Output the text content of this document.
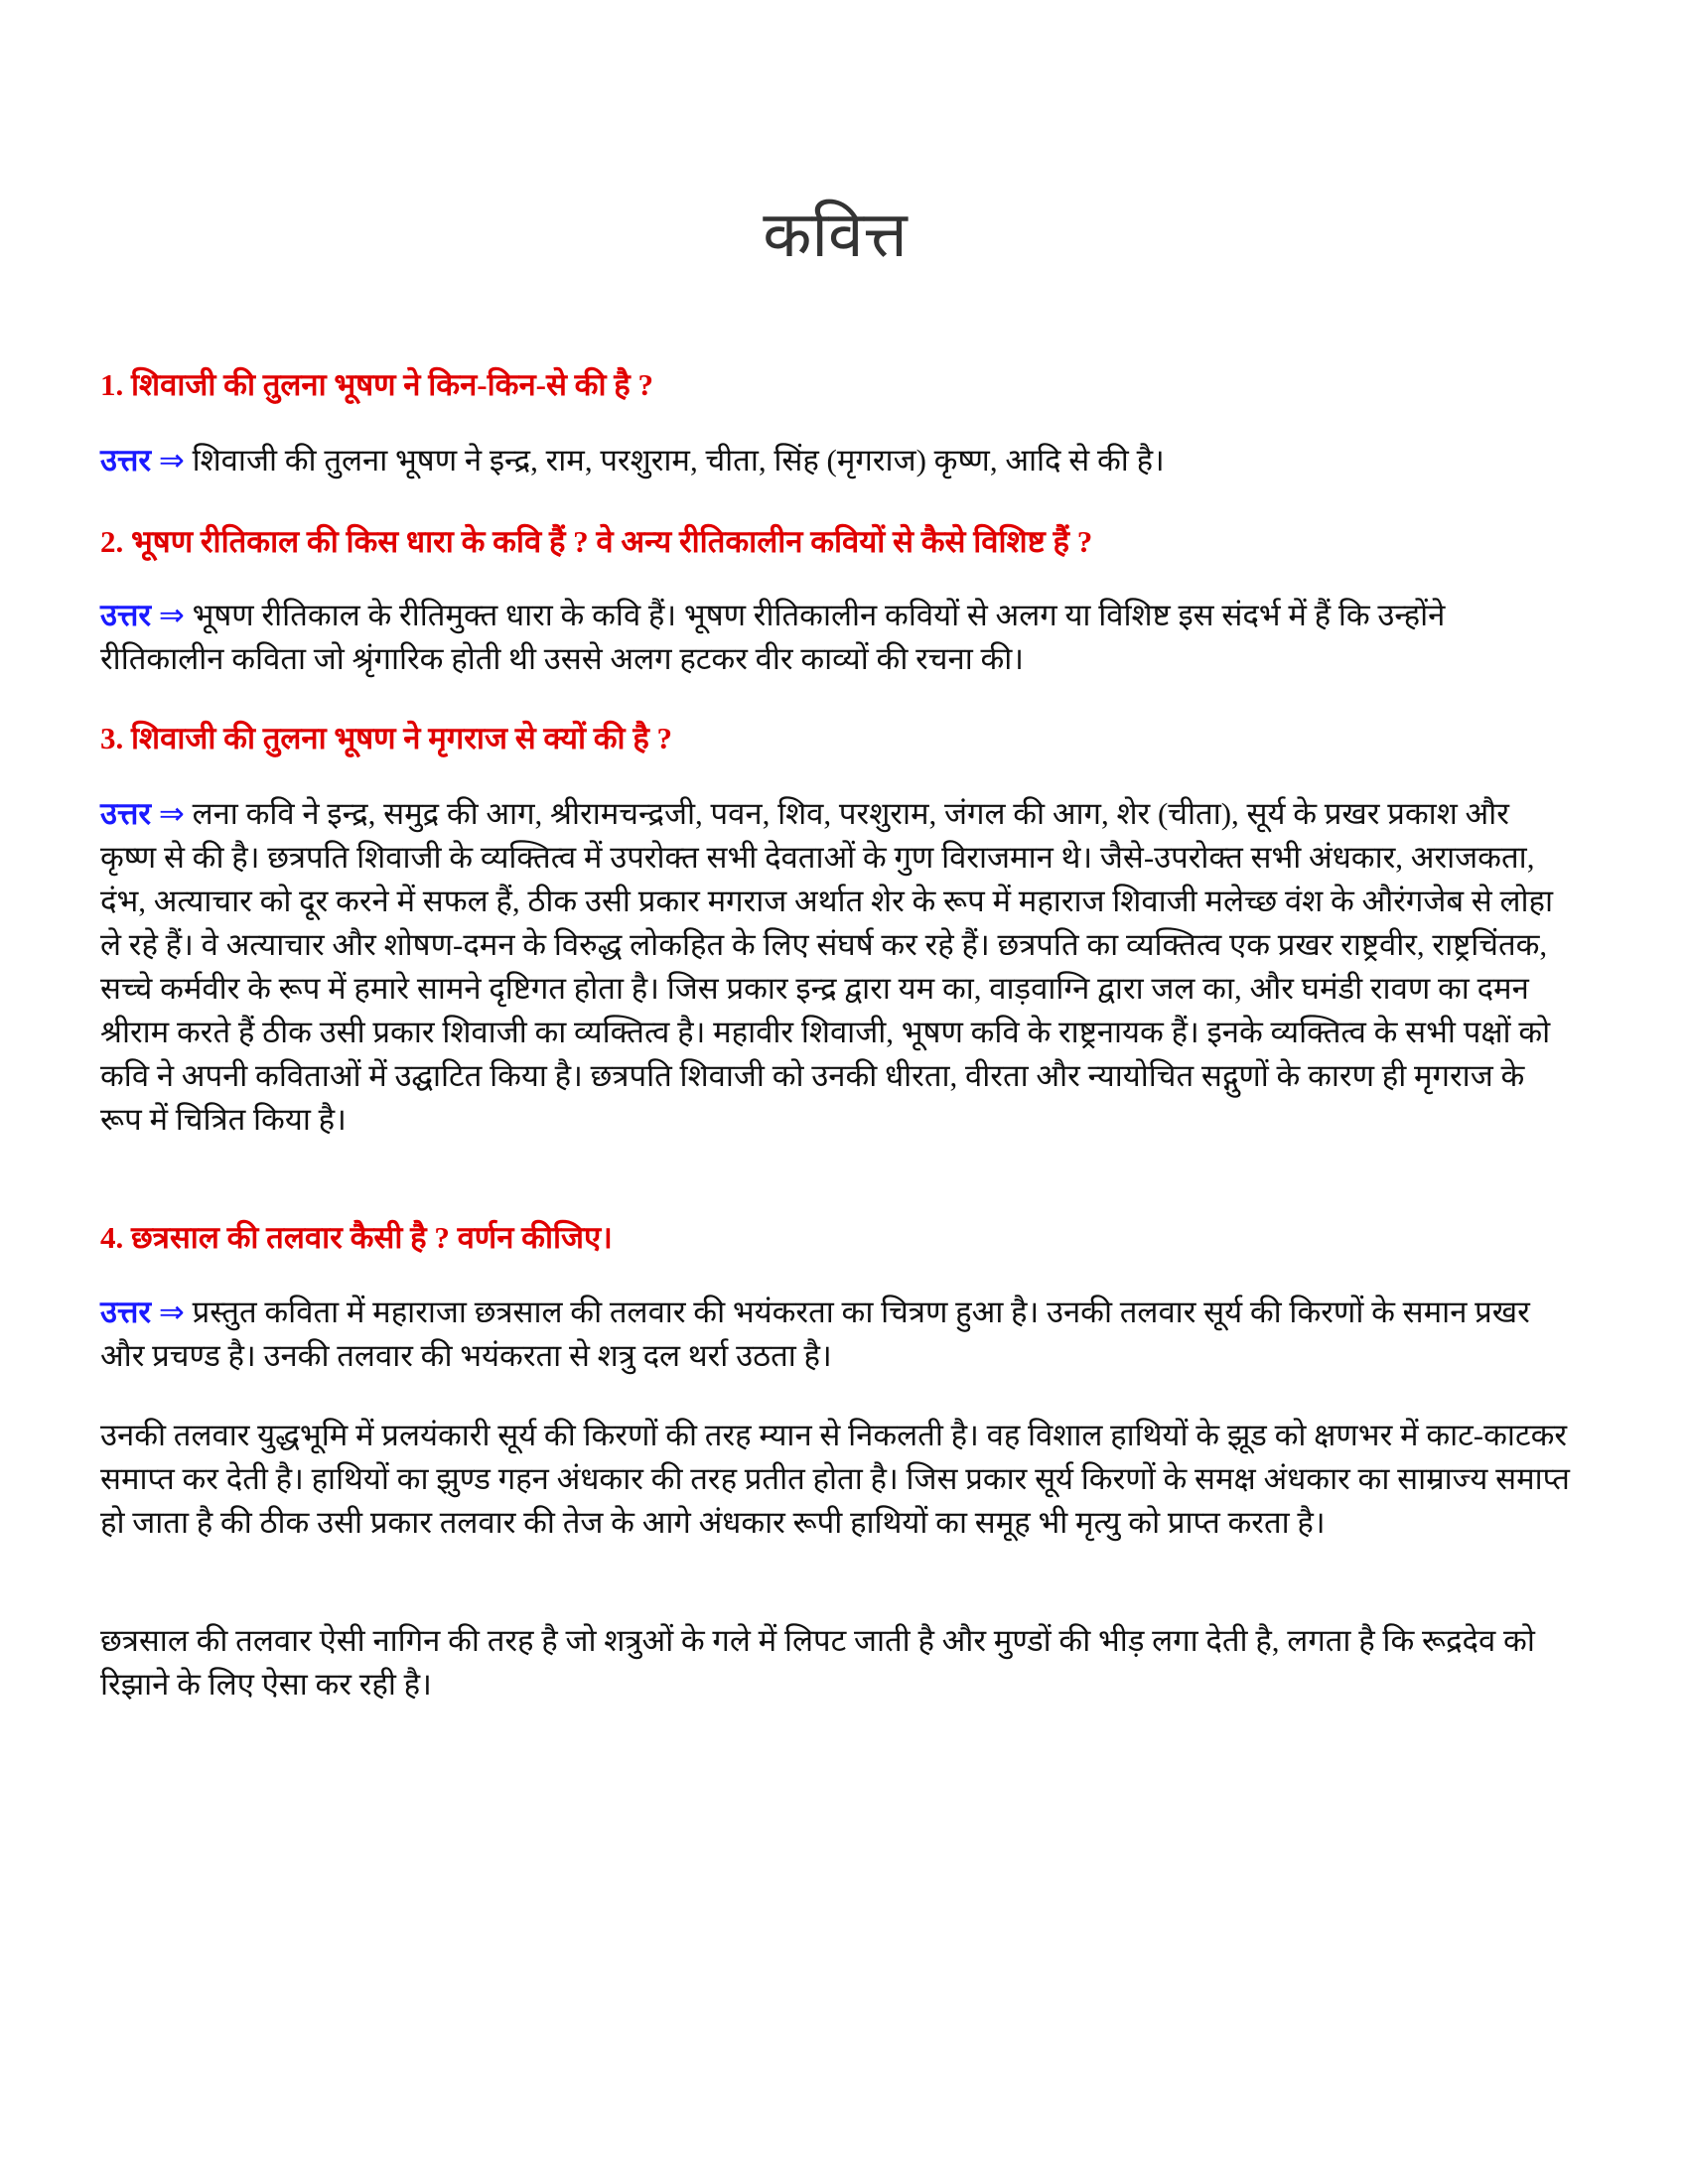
कवित्त
1. शिवाजी की तुलना भूषण ने किन-किन-से की है ?
उत्तर ⇒ शिवाजी की तुलना भूषण ने इन्द्र, राम, परशुराम, चीता, सिंह (मृगराज) कृष्ण, आदि से की है।
2. भूषण रीतिकाल की किस धारा के कवि हैं ? वे अन्य रीतिकालीन कवियों से कैसे विशिष्ट हैं ?
उत्तर ⇒ भूषण रीतिकाल के रीतिमुक्त धारा के कवि हैं। भूषण रीतिकालीन कवियों से अलग या विशिष्ट इस संदर्भ में हैं कि उन्होंने रीतिकालीन कविता जो श्रृंगारिक होती थी उससे अलग हटकर वीर काव्यों की रचना की।
3. शिवाजी की तुलना भूषण ने मृगराज से क्यों की है ?
उत्तर ⇒ लना कवि ने इन्द्र, समुद्र की आग, श्रीरामचन्द्रजी, पवन, शिव, परशुराम, जंगल की आग, शेर (चीता), सूर्य के प्रखर प्रकाश और कृष्ण से की है। छत्रपति शिवाजी के व्यक्तित्व में उपरोक्त सभी देवताओं के गुण विराजमान थे। जैसे-उपरोक्त सभी अंधकार, अराजकता, दंभ, अत्याचार को दूर करने में सफल हैं, ठीक उसी प्रकार मगराज अर्थात शेर के रूप में महाराज शिवाजी मलेच्छ वंश के औरंगजेब से लोहा ले रहे हैं। वे अत्याचार और शोषण-दमन के विरुद्ध लोकहित के लिए संघर्ष कर रहे हैं। छत्रपति का व्यक्तित्व एक प्रखर राष्ट्रवीर, राष्ट्रचिंतक, सच्चे कर्मवीर के रूप में हमारे सामने दृष्टिगत होता है। जिस प्रकार इन्द्र द्वारा यम का, वाड़वाग्नि द्वारा जल का, और घमंडी रावण का दमन श्रीराम करते हैं ठीक उसी प्रकार शिवाजी का व्यक्तित्व है। महावीर शिवाजी, भूषण कवि के राष्ट्रनायक हैं। इनके व्यक्तित्व के सभी पक्षों को कवि ने अपनी कविताओं में उद्घाटित किया है। छत्रपति शिवाजी को उनकी धीरता, वीरता और न्यायोचित सद्गुणों के कारण ही मृगराज के रूप में चित्रित किया है।
4. छत्रसाल की तलवार कैसी है ? वर्णन कीजिए।
उत्तर ⇒ प्रस्तुत कविता में महाराजा छत्रसाल की तलवार की भयंकरता का चित्रण हुआ है। उनकी तलवार सूर्य की किरणों के समान प्रखर और प्रचण्ड है। उनकी तलवार की भयंकरता से शत्रु दल थर्रा उठता है।
उनकी तलवार युद्धभूमि में प्रलयंकारी सूर्य की किरणों की तरह म्यान से निकलती है। वह विशाल हाथियों के झूड को क्षणभर में काट-काटकर समाप्त कर देती है। हाथियों का झुण्ड गहन अंधकार की तरह प्रतीत होता है। जिस प्रकार सूर्य किरणों के समक्ष अंधकार का साम्राज्य समाप्त हो जाता है की ठीक उसी प्रकार तलवार की तेज के आगे अंधकार रूपी हाथियों का समूह भी मृत्यु को प्राप्त करता है।
छत्रसाल की तलवार ऐसी नागिन की तरह है जो शत्रुओं के गले में लिपट जाती है और मुण्डों की भीड़ लगा देती है, लगता है कि रूद्रदेव को रिझाने के लिए ऐसा कर रही है।
